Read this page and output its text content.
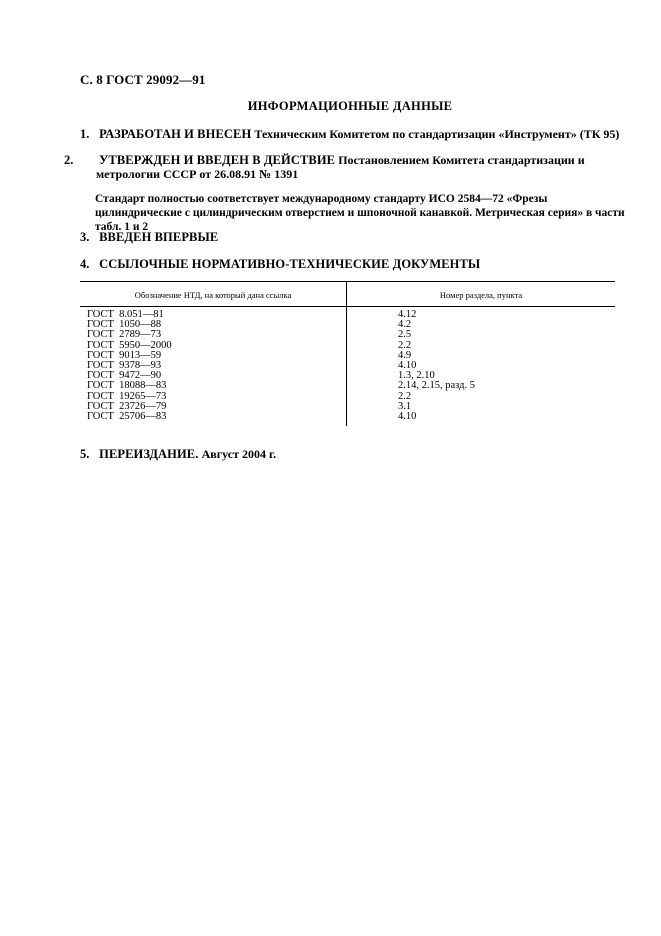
С. 8 ГОСТ 29092—91
ИНФОРМАЦИОННЫЕ ДАННЫЕ
1. РАЗРАБОТАН И ВНЕСЕН Техническим Комитетом по стандартизации «Инструмент» (ТК 95)
2. УТВЕРЖДЕН И ВВЕДЕН В ДЕЙСТВИЕ Постановлением Комитета стандартизации и метрологии СССР от 26.08.91 № 1391
Стандарт полностью соответствует международному стандарту ИСО 2584—72 «Фрезы цилиндрические с цилиндрическим отверстием и шпоночной канавкой. Метрическая серия» в части табл. 1 и 2
3. ВВЕДЕН ВПЕРВЫЕ
4. ССЫЛОЧНЫЕ НОРМАТИВНО-ТЕХНИЧЕСКИЕ ДОКУМЕНТЫ
Обозначение НТД, на который дана ссылка	Номер раздела, пункта
ГОСТ  8.051—81	4.12
ГОСТ  1050—88	4.2
ГОСТ  2789—73	2.5
ГОСТ  5950—2000	2.2
ГОСТ  9013—59	4.9
ГОСТ  9378—93	4.10
ГОСТ  9472—90	1.3, 2.10
ГОСТ  18088—83	2.14, 2.15, разд. 5
ГОСТ  19265—73	2.2
ГОСТ  23726—79	3.1
ГОСТ  25706—83	4.10
5. ПЕРЕИЗДАНИЕ. Август 2004 г.
